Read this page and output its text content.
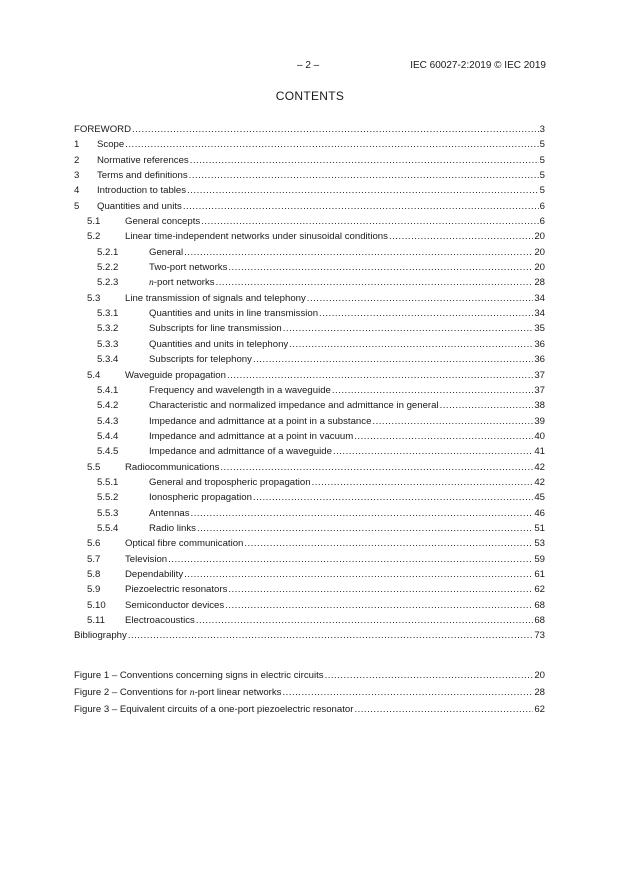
– 2 –	IEC 60027-2:2019 © IEC 2019
CONTENTS
FOREWORD .....	3
1	Scope .....	5
2	Normative references .....	5
3	Terms and definitions .....	5
4	Introduction to tables .....	5
5	Quantities and units .....	6
5.1	General concepts .....	6
5.2	Linear time-independent networks under sinusoidal conditions .....	20
5.2.1	General .....	20
5.2.2	Two-port networks .....	20
5.2.3	n-port networks .....	28
5.3	Line transmission of signals and telephony .....	34
5.3.1	Quantities and units in line transmission .....	34
5.3.2	Subscripts for line transmission .....	35
5.3.3	Quantities and units in telephony .....	36
5.3.4	Subscripts for telephony .....	36
5.4	Waveguide propagation .....	37
5.4.1	Frequency and wavelength in a waveguide .....	37
5.4.2	Characteristic and normalized impedance and admittance in general .....	38
5.4.3	Impedance and admittance at a point in a substance .....	39
5.4.4	Impedance and admittance at a point in vacuum .....	40
5.4.5	Impedance and admittance of a waveguide .....	41
5.5	Radiocommunications .....	42
5.5.1	General and tropospheric propagation .....	42
5.5.2	Ionospheric propagation .....	45
5.5.3	Antennas .....	46
5.5.4	Radio links .....	51
5.6	Optical fibre communication .....	53
5.7	Television .....	59
5.8	Dependability .....	61
5.9	Piezoelectric resonators .....	62
5.10	Semiconductor devices .....	68
5.11	Electroacoustics .....	68
Bibliography .....	73
Figure 1 – Conventions concerning signs in electric circuits .....	20
Figure 2 – Conventions for n-port linear networks .....	28
Figure 3 – Equivalent circuits of a one-port piezoelectric resonator .....	62
